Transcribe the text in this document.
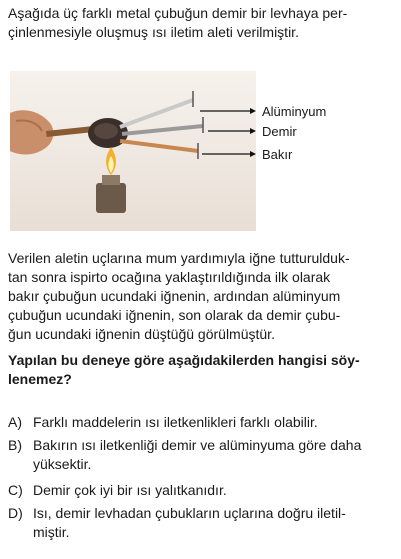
Aşağıda üç farklı metal çubuğun demir bir levhaya per-
çinlenmesiyle oluşmuş ısı iletim aleti verilmiştir.
Alüminyum
Demir
Bakır
Verilen aletin uçlarına mum yardımıyla iğne tutturulduk-
tan sonra ispirto ocağına yaklaştırıldığında ilk olarak
bakır çubuğun ucundaki iğnenin, ardından alüminyum
çubuğun ucundaki iğnenin, son olarak da demir çubu-
ğun ucundaki iğnenin düştüğü görülmüştür.
Yapılan bu deneye göre aşağıdakilerden hangisi söy-
lenemez?
A) Farklı maddelerin ısı iletkenlikleri farklı olabilir.
B) Bakırın ısı iletkenliği demir ve alüminyuma göre daha
yüksektir.
C) Demir çok iyi bir ısı yalıtkanıdır.
D) Isı, demir levhadan çubukların uçlarına doğru iletil-
miştir.
